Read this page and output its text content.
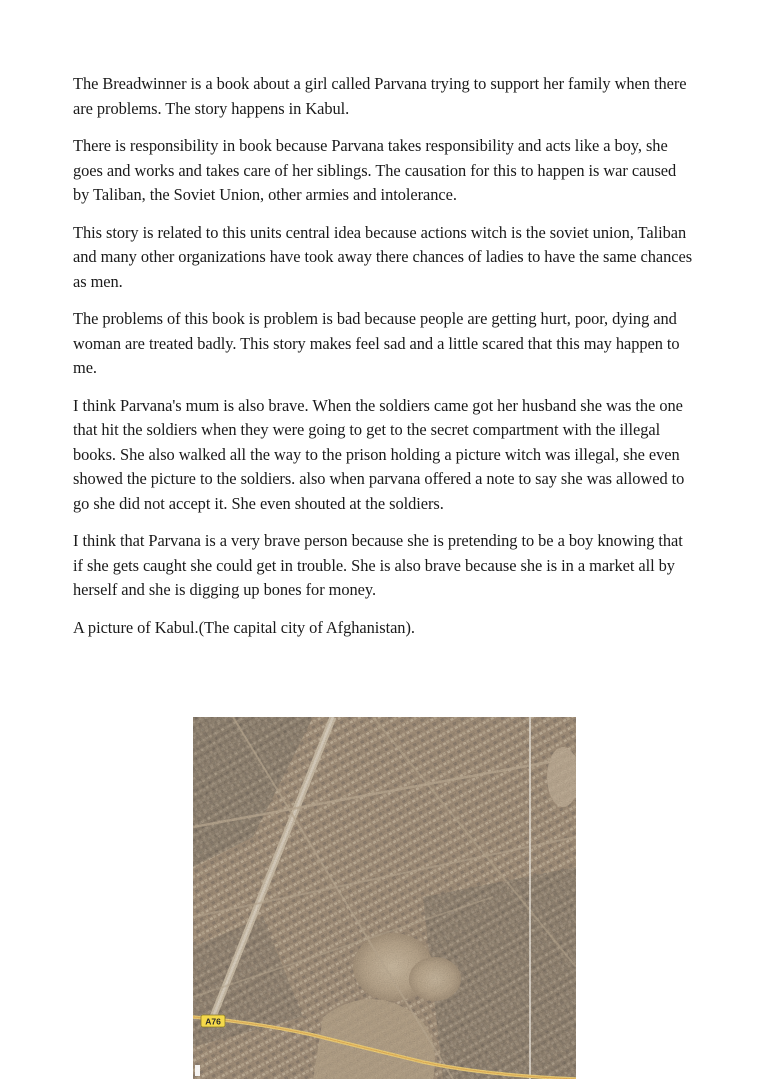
The Breadwinner is a book about a girl called Parvana trying to support her family when there are problems. The story happens in Kabul.

There is responsibility in book because Parvana takes responsibility and acts like a boy, she goes and works and takes care of her siblings. The causation for this to happen is war caused by Taliban, the Soviet Union, other armies and intolerance.

This story is related to this units central idea because actions witch is the soviet union, Taliban and many other organizations have took away there chances of ladies to have the same chances as men.

The problems of this book is problem is bad because people are getting hurt, poor, dying and woman are treated badly. This story makes feel sad and a little scared that this may happen to me.

I think Parvana's mum is also brave. When the soldiers came got her husband she was the one that hit the soldiers when they were going to get to the secret compartment with the illegal books. She also walked all the way to the prison holding a picture witch was illegal, she even showed the picture to the soldiers. also when parvana offered a note to say she was allowed to go she did not accept it. She even shouted at the soldiers.

I think that Parvana is a very brave person because she is pretending to be a boy knowing that if she gets caught she could get in trouble. She is also brave because she is in a market all by herself and she is digging up bones for money.

A picture of Kabul.(The capital city of Afghanistan).

A76
